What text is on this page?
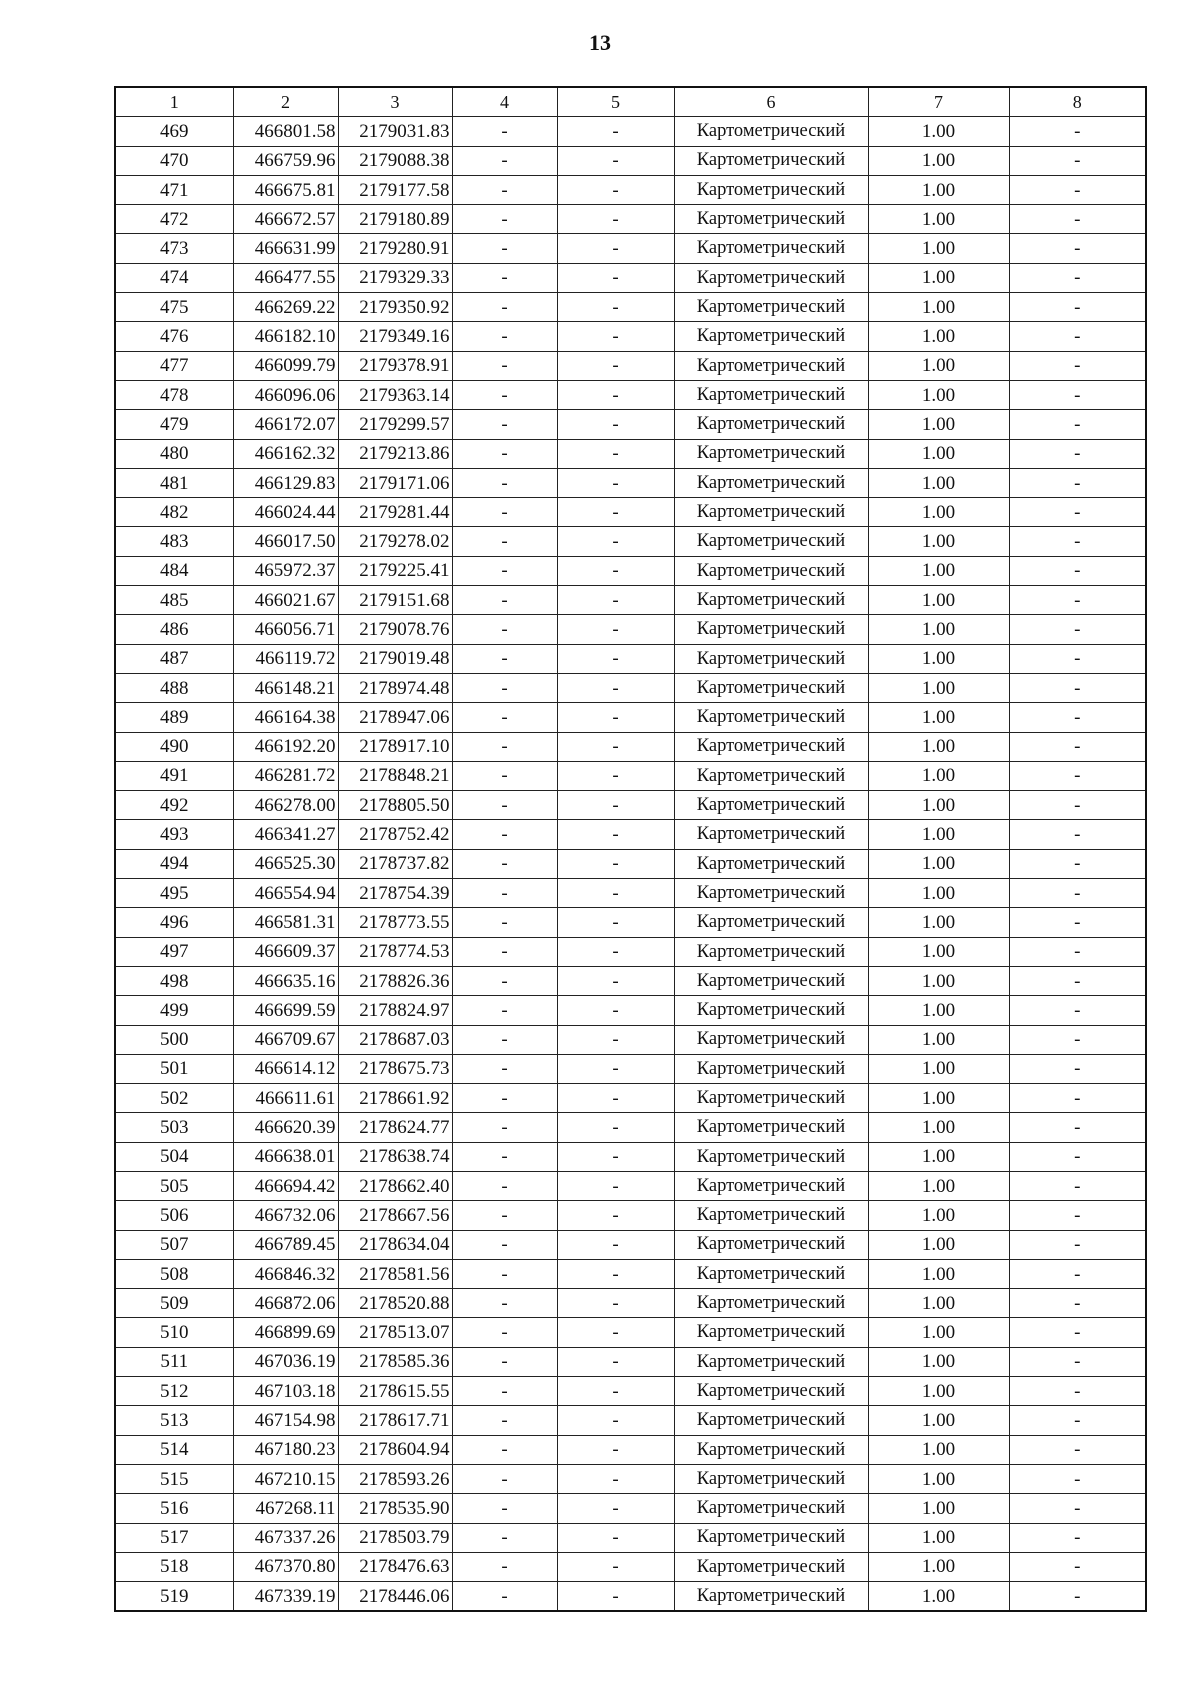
13
1	2	3	4	5	6	7	8
469	466801.58	2179031.83	-	-	Картометрический	1.00	-
470	466759.96	2179088.38	-	-	Картометрический	1.00	-
471	466675.81	2179177.58	-	-	Картометрический	1.00	-
472	466672.57	2179180.89	-	-	Картометрический	1.00	-
473	466631.99	2179280.91	-	-	Картометрический	1.00	-
474	466477.55	2179329.33	-	-	Картометрический	1.00	-
475	466269.22	2179350.92	-	-	Картометрический	1.00	-
476	466182.10	2179349.16	-	-	Картометрический	1.00	-
477	466099.79	2179378.91	-	-	Картометрический	1.00	-
478	466096.06	2179363.14	-	-	Картометрический	1.00	-
479	466172.07	2179299.57	-	-	Картометрический	1.00	-
480	466162.32	2179213.86	-	-	Картометрический	1.00	-
481	466129.83	2179171.06	-	-	Картометрический	1.00	-
482	466024.44	2179281.44	-	-	Картометрический	1.00	-
483	466017.50	2179278.02	-	-	Картометрический	1.00	-
484	465972.37	2179225.41	-	-	Картометрический	1.00	-
485	466021.67	2179151.68	-	-	Картометрический	1.00	-
486	466056.71	2179078.76	-	-	Картометрический	1.00	-
487	466119.72	2179019.48	-	-	Картометрический	1.00	-
488	466148.21	2178974.48	-	-	Картометрический	1.00	-
489	466164.38	2178947.06	-	-	Картометрический	1.00	-
490	466192.20	2178917.10	-	-	Картометрический	1.00	-
491	466281.72	2178848.21	-	-	Картометрический	1.00	-
492	466278.00	2178805.50	-	-	Картометрический	1.00	-
493	466341.27	2178752.42	-	-	Картометрический	1.00	-
494	466525.30	2178737.82	-	-	Картометрический	1.00	-
495	466554.94	2178754.39	-	-	Картометрический	1.00	-
496	466581.31	2178773.55	-	-	Картометрический	1.00	-
497	466609.37	2178774.53	-	-	Картометрический	1.00	-
498	466635.16	2178826.36	-	-	Картометрический	1.00	-
499	466699.59	2178824.97	-	-	Картометрический	1.00	-
500	466709.67	2178687.03	-	-	Картометрический	1.00	-
501	466614.12	2178675.73	-	-	Картометрический	1.00	-
502	466611.61	2178661.92	-	-	Картометрический	1.00	-
503	466620.39	2178624.77	-	-	Картометрический	1.00	-
504	466638.01	2178638.74	-	-	Картометрический	1.00	-
505	466694.42	2178662.40	-	-	Картометрический	1.00	-
506	466732.06	2178667.56	-	-	Картометрический	1.00	-
507	466789.45	2178634.04	-	-	Картометрический	1.00	-
508	466846.32	2178581.56	-	-	Картометрический	1.00	-
509	466872.06	2178520.88	-	-	Картометрический	1.00	-
510	466899.69	2178513.07	-	-	Картометрический	1.00	-
511	467036.19	2178585.36	-	-	Картометрический	1.00	-
512	467103.18	2178615.55	-	-	Картометрический	1.00	-
513	467154.98	2178617.71	-	-	Картометрический	1.00	-
514	467180.23	2178604.94	-	-	Картометрический	1.00	-
515	467210.15	2178593.26	-	-	Картометрический	1.00	-
516	467268.11	2178535.90	-	-	Картометрический	1.00	-
517	467337.26	2178503.79	-	-	Картометрический	1.00	-
518	467370.80	2178476.63	-	-	Картометрический	1.00	-
519	467339.19	2178446.06	-	-	Картометрический	1.00	-
